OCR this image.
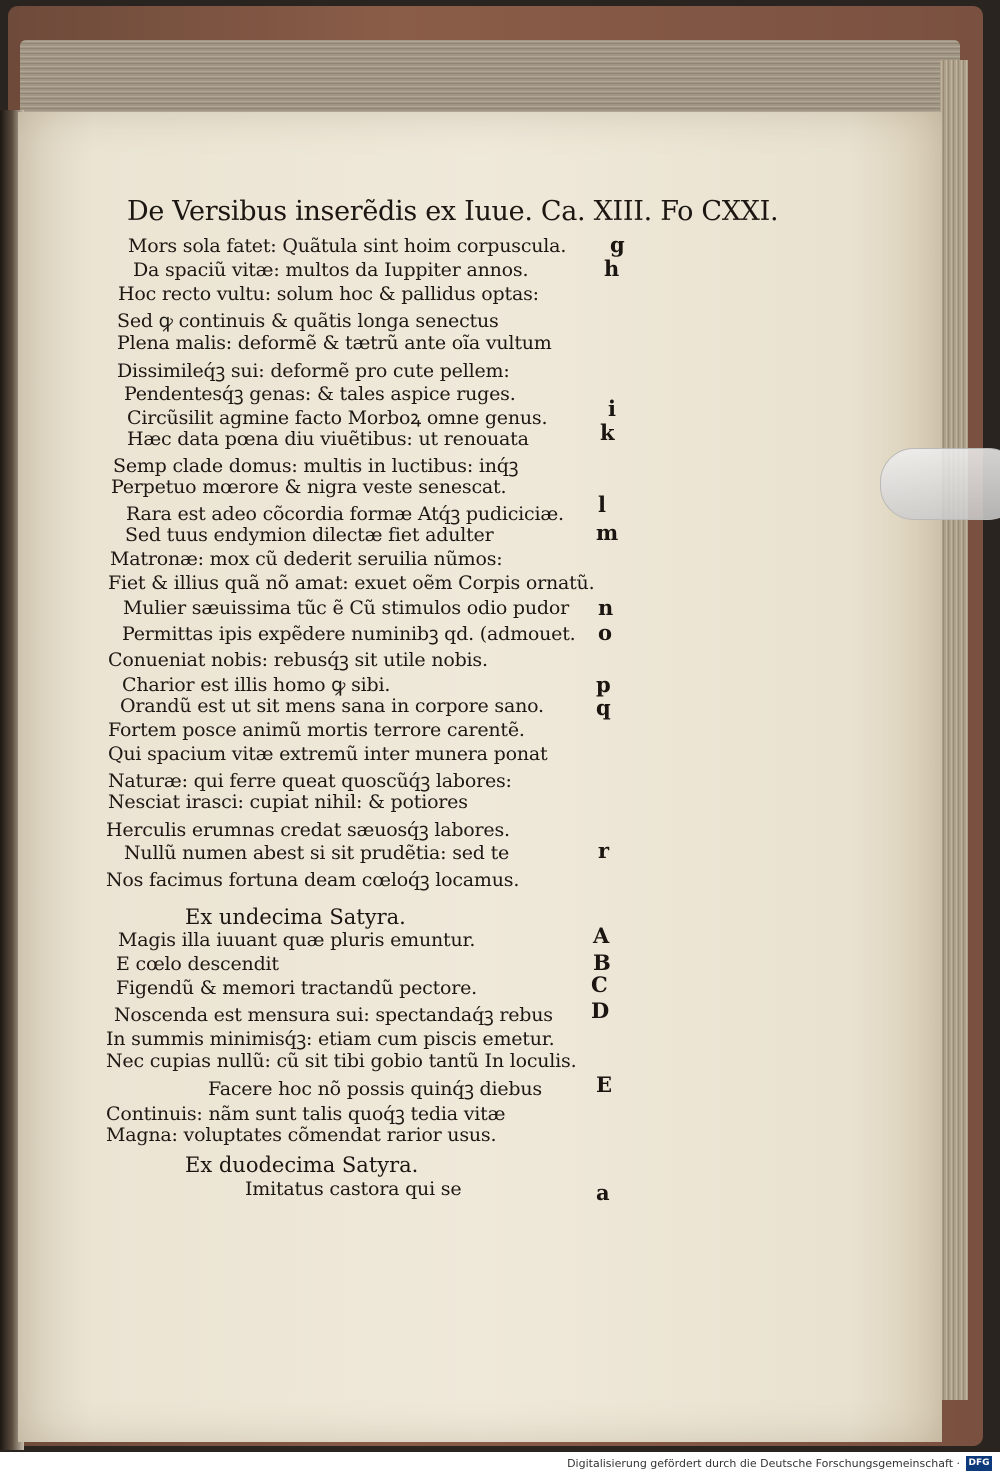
De Versibus inserẽdis ex Iuue. Ca. XIII. Fo CXXI.
Mors sola fatet: Quãtula sint hoim corpuscula. g
Da spaciũ vitæ: multos da Iuppiter annos.	h
Hoc recto vultu: solum hoc & pallidus optas:
Sed ꝙ continuis & quãtis longa senectus
Plena malis: deformẽ & tætrũ ante oĩa vultum
Dissimileq́ꝫ sui: deformẽ pro cute pellem:
Pendentesq́ꝫ genas: & tales aspice ruges.
Circũsilit agmine facto Morboꝝ omne genus.	i
Hæc data pœna diu viuẽtibus: ut renouata	k
Semp clade domus: multis in luctibus: inq́ꝫ
Perpetuo mœrore & nigra veste senescat.
Rara est adeo cõcordia formæ Atq́ꝫ pudiciciæ. l
Sed tuus endymion dilectæ fiet adulter	m
Matronæ: mox cũ dederit seruilia nũmos:
Fiet & illius quã nõ amat: exuet oẽm Corpis ornatũ.
Mulier sæuissima tũc ẽ Cũ stimulos odio pudor n
Permittas ipis expẽdere numinibꝫ qd. (admouet. o
Conueniat nobis: rebusq́ꝫ sit utile nobis.
Charior est illis homo ꝙ sibi.	p
Orandũ est ut sit mens sana in corpore sano. q
Fortem posce animũ mortis terrore carentẽ.
Qui spacium vitæ extremũ inter munera ponat
Naturæ: qui ferre queat quoscũq́ꝫ labores:
Nesciat irasci: cupiat nihil: & potiores
Herculis erumnas credat sæuosq́ꝫ labores.
Nullũ numen abest si sit prudẽtia: sed te	r
Nos facimus fortuna deam cœloq́ꝫ locamus.
Ex undecima Satyra.
Magis illa iuuant quæ pluris emuntur.	A
E cœlo descendit	B
Figendũ & memori tractandũ pectore.	C
Noscenda est mensura sui: spectandaq́ꝫ rebus D
In summis minimisq́ꝫ: etiam cum piscis emetur.
Nec cupias nullũ: cũ sit tibi gobio tantũ In loculis.
Facere hoc nõ possis quinq́ꝫ diebus	E
Continuis: nãm sunt talis quoq́ꝫ tedia vitæ
Magna: voluptates cõmendat rarior usus.
Ex duodecima Satyra.
Imitatus castora qui se	a
Digitalisierung gefördert durch die Deutsche Forschungsgemeinschaft · DFG
